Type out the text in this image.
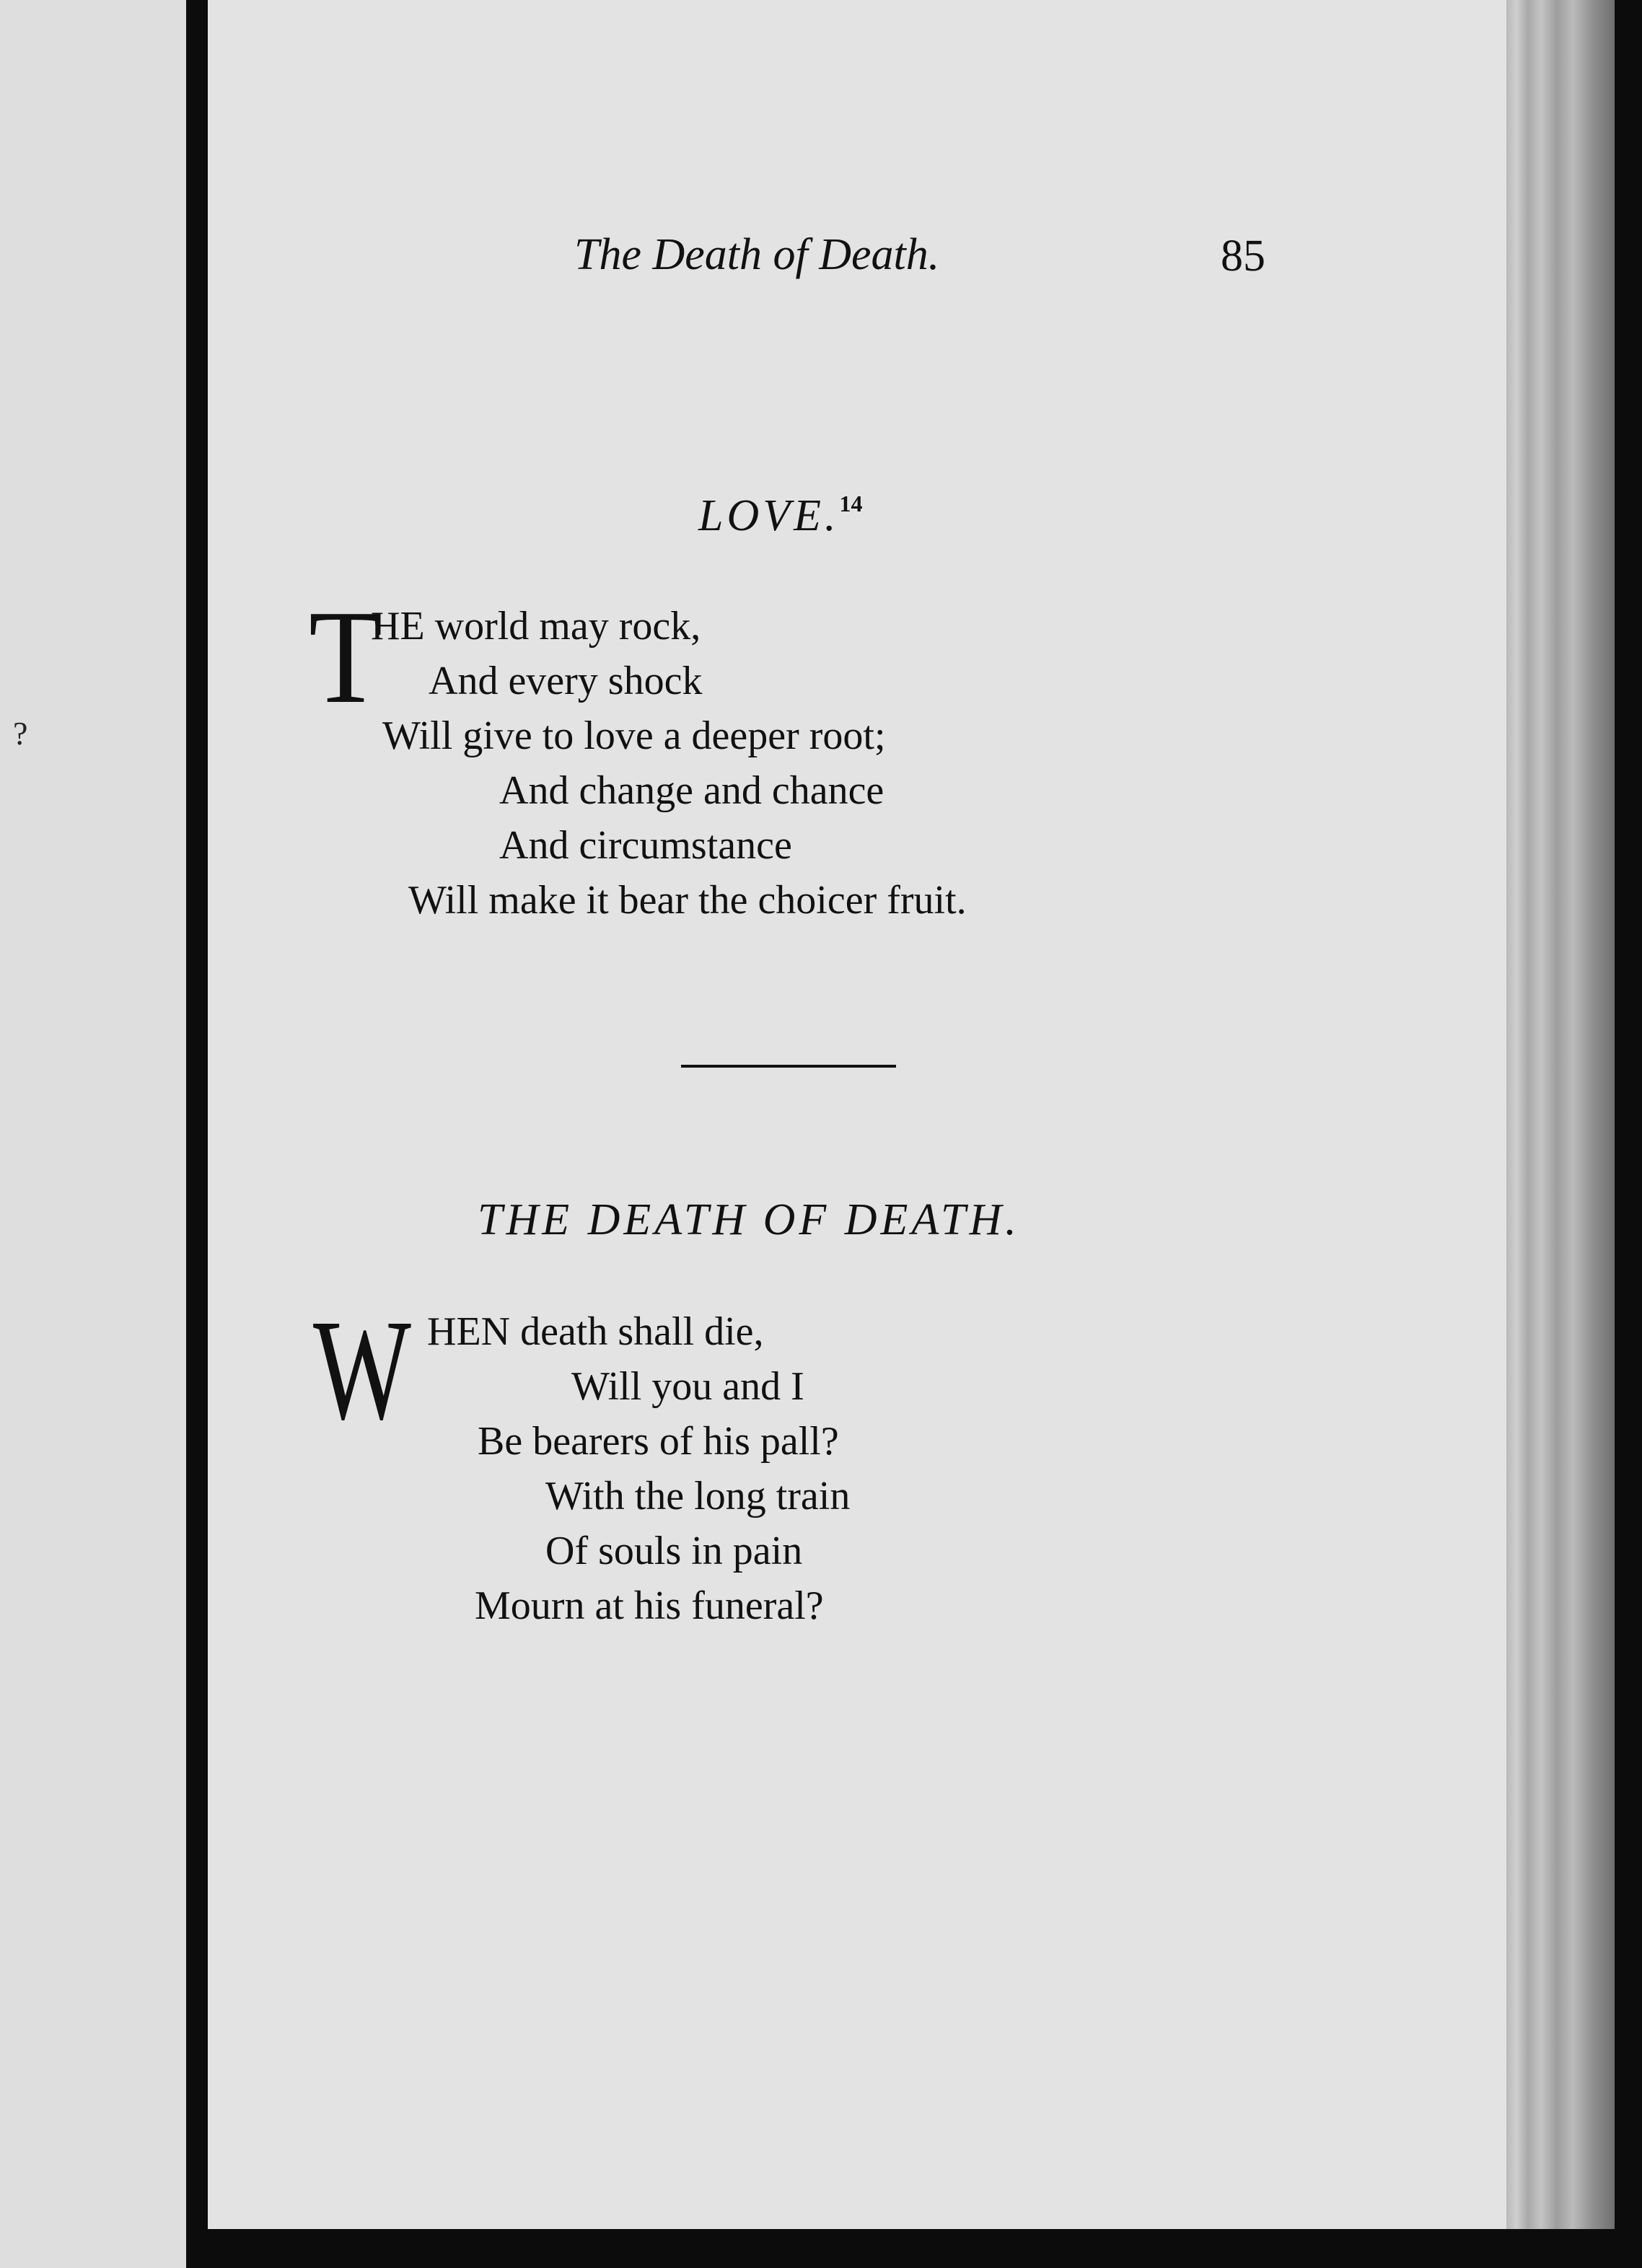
?
The Death of Death.	85
LOVE.$^{14}$
T
HE world may rock,
And every shock
Will give to love a deeper root;
And change and chance
And circumstance
Will make it bear the choicer fruit.
THE DEATH OF DEATH.
W HEN death shall die,
Will you and I
Be bearers of his pall?
With the long train
Of souls in pain
Mourn at his funeral?
